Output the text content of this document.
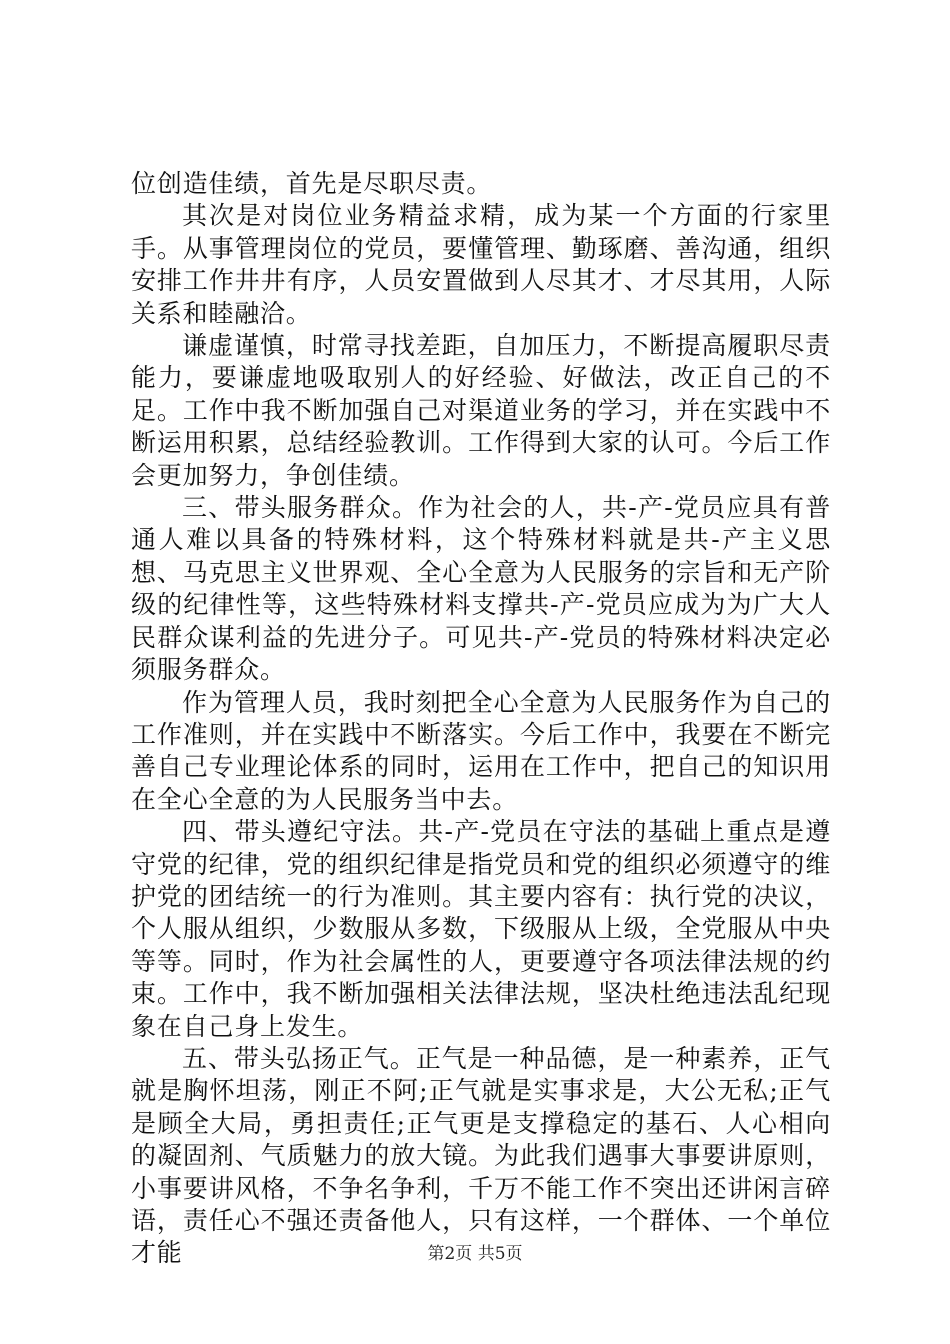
位创造佳绩，首先是尽职尽责。

其次是对岗位业务精益求精，成为某一个方面的行家里手。从事管理岗位的党员，要懂管理、勤琢磨、善沟通，组织安排工作井井有序，人员安置做到人尽其才、才尽其用，人际关系和睦融洽。

谦虚谨慎，时常寻找差距，自加压力，不断提高履职尽责能力，要谦虚地吸取别人的好经验、好做法，改正自己的不足。工作中我不断加强自己对渠道业务的学习，并在实践中不断运用积累，总结经验教训。工作得到大家的认可。今后工作会更加努力，争创佳绩。

三、带头服务群众。作为社会的人，共-产-党员应具有普通人难以具备的特殊材料，这个特殊材料就是共-产主义思想、马克思主义世界观、全心全意为人民服务的宗旨和无产阶级的纪律性等，这些特殊材料支撑共-产-党员应成为为广大人民群众谋利益的先进分子。可见共-产-党员的特殊材料决定必须服务群众。

作为管理人员，我时刻把全心全意为人民服务作为自己的工作准则，并在实践中不断落实。今后工作中，我要在不断完善自己专业理论体系的同时，运用在工作中，把自己的知识用在全心全意的为人民服务当中去。

四、带头遵纪守法。共-产-党员在守法的基础上重点是遵守党的纪律，党的组织纪律是指党员和党的组织必须遵守的维护党的团结统一的行为准则。其主要内容有：执行党的决议，个人服从组织，少数服从多数，下级服从上级，全党服从中央等等。同时，作为社会属性的人，更要遵守各项法律法规的约束。工作中，我不断加强相关法律法规，坚决杜绝违法乱纪现象在自己身上发生。

五、带头弘扬正气。正气是一种品德，是一种素养，正气就是胸怀坦荡，刚正不阿;正气就是实事求是，大公无私;正气是顾全大局，勇担责任;正气更是支撑稳定的基石、人心相向的凝固剂、气质魅力的放大镜。为此我们遇事大事要讲原则，小事要讲风格，不争名争利，千万不能工作不突出还讲闲言碎语，责任心不强还责备他人，只有这样，一个群体、一个单位才能	第2页 共5页
